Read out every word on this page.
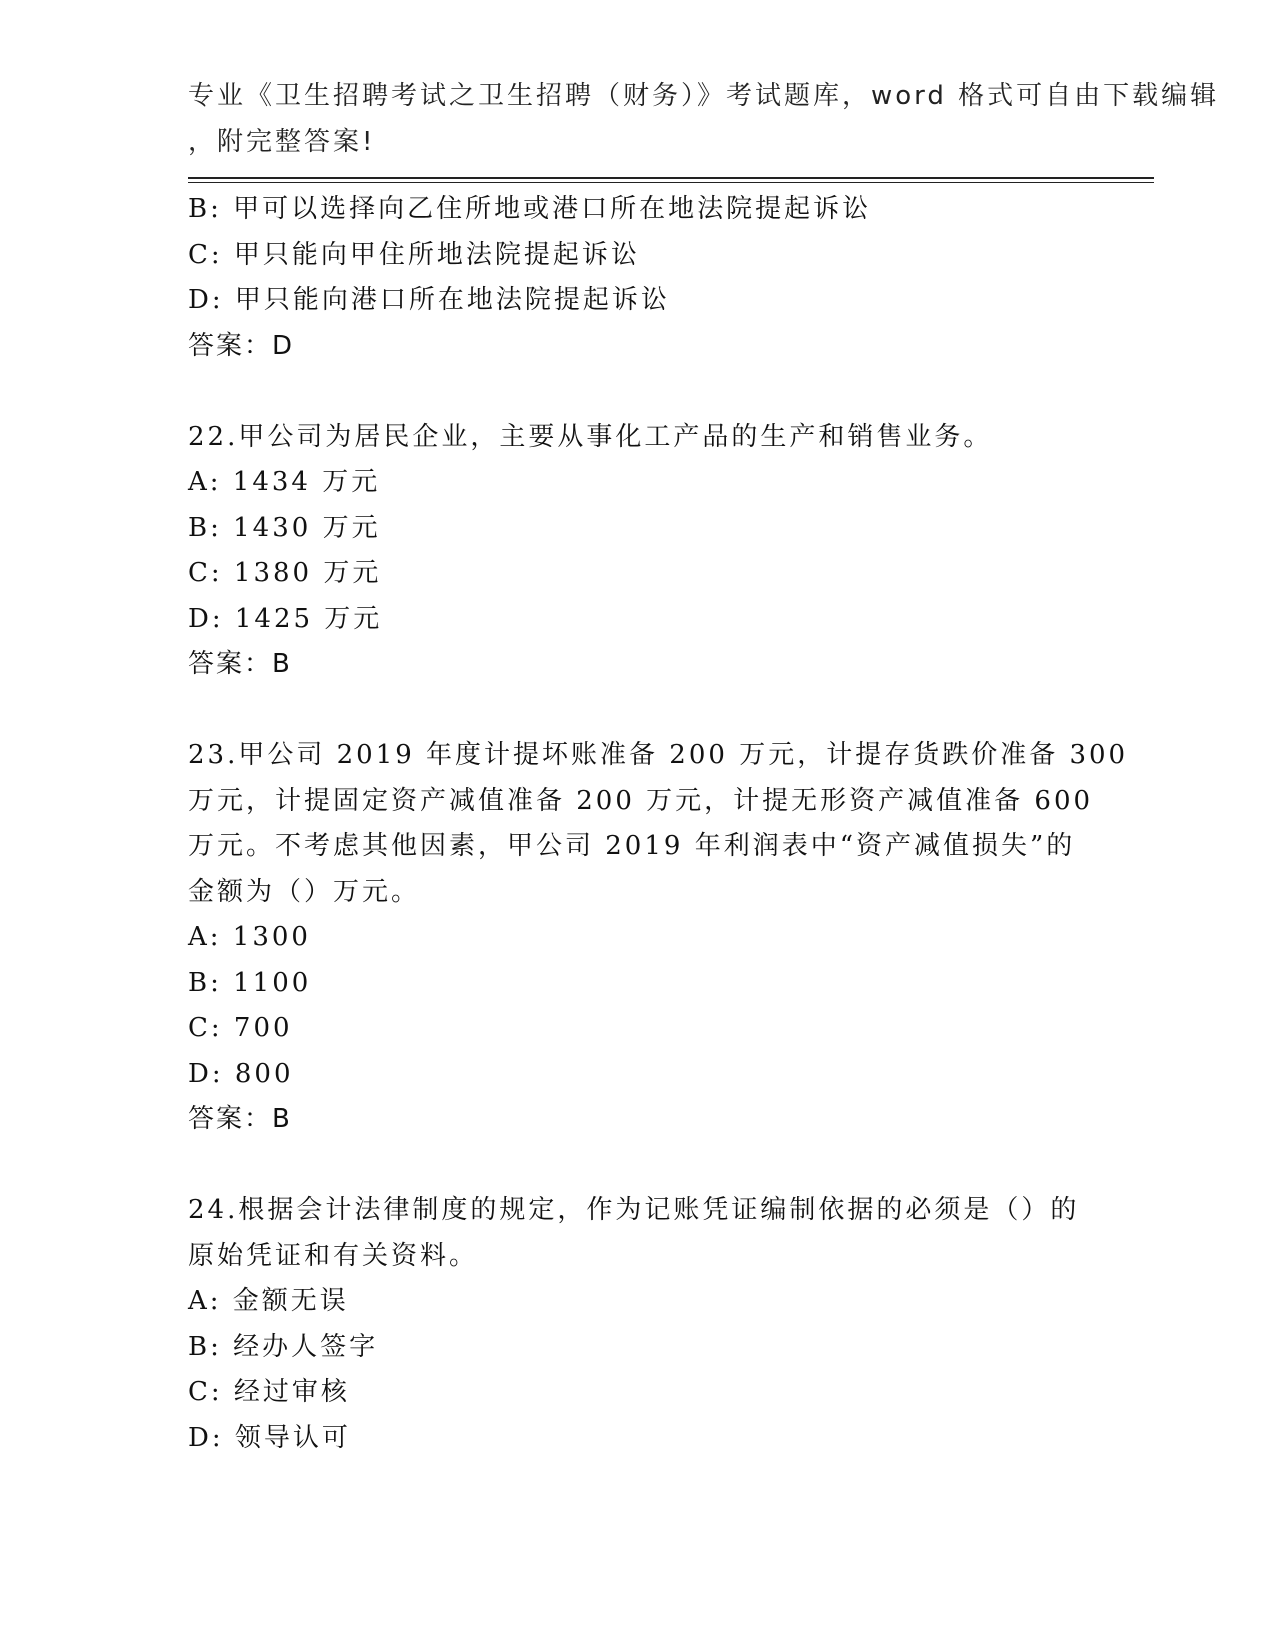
专业《卫生招聘考试之卫生招聘（财务）》考试题库，word 格式可自由下载编辑
，附完整答案!
B: 甲可以选择向乙住所地或港口所在地法院提起诉讼
C: 甲只能向甲住所地法院提起诉讼
D: 甲只能向港口所在地法院提起诉讼
答案：D
22.甲公司为居民企业，主要从事化工产品的生产和销售业务。
A: 1434 万元
B: 1430 万元
C: 1380 万元
D: 1425 万元
答案：B
23.甲公司 2019 年度计提坏账准备 200 万元，计提存货跌价准备 300
万元，计提固定资产减值准备 200 万元，计提无形资产减值准备 600
万元。不考虑其他因素，甲公司 2019 年利润表中“资产减值损失”的
金额为（）万元。
A: 1300
B: 1100
C: 700
D: 800
答案：B
24.根据会计法律制度的规定，作为记账凭证编制依据的必须是（）的
原始凭证和有关资料。
A: 金额无误
B: 经办人签字
C: 经过审核
D: 领导认可
